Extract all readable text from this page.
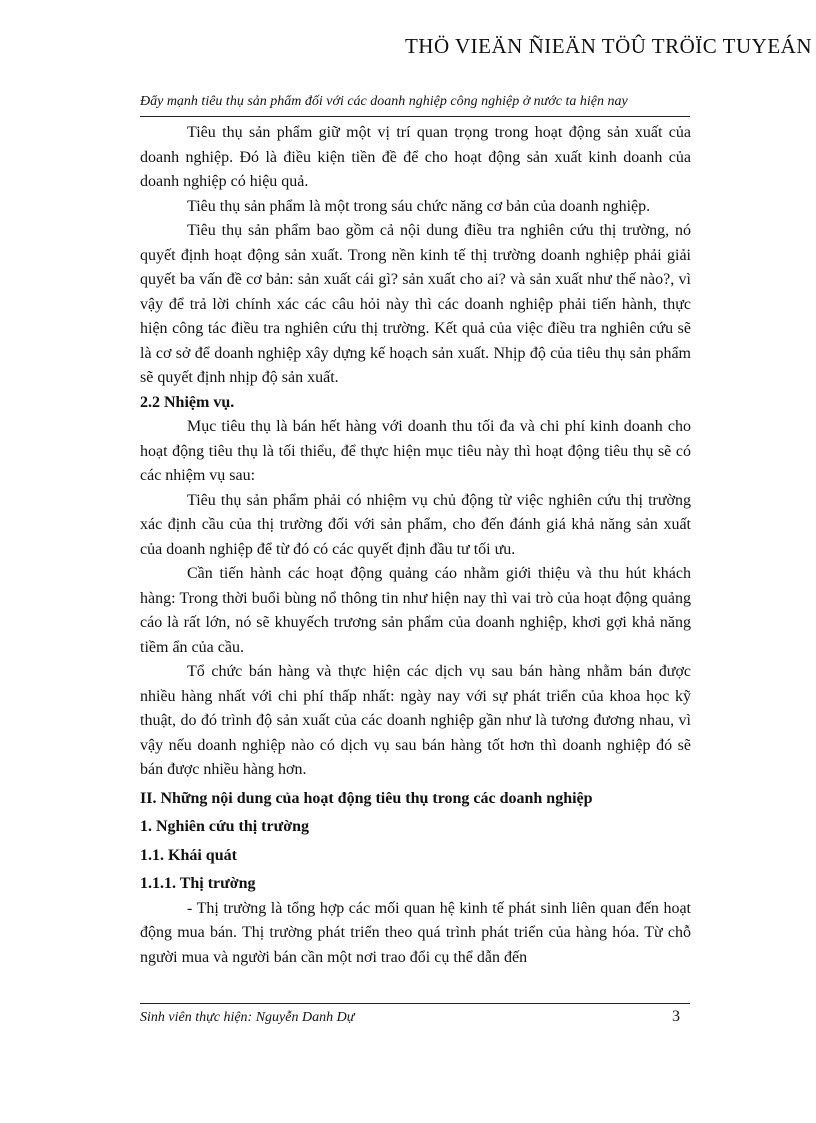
THÖ VIEÄN ÑIEÄN TÖÛ TRÖÏC TUYEÁN
Đẩy mạnh tiêu thụ sản phẩm đối với các doanh nghiệp công nghiệp ở nước ta hiện nay

Tiêu thụ sản phẩm giữ một vị trí quan trọng trong hoạt động sản xuất của doanh nghiệp. Đó là điều kiện tiền đề để cho hoạt động sản xuất kinh doanh của doanh nghiệp có hiệu quả.

Tiêu thụ sản phẩm là một trong sáu chức năng cơ bản của doanh nghiệp.

Tiêu thụ sản phẩm bao gồm cả nội dung điều tra nghiên cứu thị trường, nó quyết định hoạt động sản xuất. Trong nền kinh tế thị trường doanh nghiệp phải giải quyết ba vấn đề cơ bản: sản xuất cái gì? sản xuất cho ai? và sản xuất như thế nào?, vì vậy để trả lời chính xác các câu hỏi này thì các doanh nghiệp phải tiến hành, thực hiện công tác điều tra nghiên cứu thị trường. Kết quả của việc điều tra nghiên cứu sẽ là cơ sở để doanh nghiệp xây dựng kế hoạch sản xuất. Nhịp độ của tiêu thụ sản phẩm sẽ quyết định nhịp độ sản xuất.

2.2 Nhiệm vụ.

Mục tiêu thụ là bán hết hàng với doanh thu tối đa và chi phí kinh doanh cho hoạt động tiêu thụ là tối thiểu, để thực hiện mục tiêu này thì hoạt động tiêu thụ sẽ có các nhiệm vụ sau:

Tiêu thụ sản phẩm phải có nhiệm vụ chủ động từ việc nghiên cứu thị trường xác định cầu của thị trường đối với sản phẩm, cho đến đánh giá khả năng sản xuất của doanh nghiệp để từ đó có các quyết định đầu tư tối ưu.

Cần tiến hành các hoạt động quảng cáo nhằm giới thiệu và thu hút khách hàng: Trong thời buổi bùng nổ thông tin như hiện nay thì vai trò của hoạt động quảng cáo là rất lớn, nó sẽ khuyếch trương sản phẩm của doanh nghiệp, khơi gợi khả năng tiềm ẩn của cầu.

Tổ chức bán hàng và thực hiện các dịch vụ sau bán hàng nhằm bán được nhiều hàng nhất với chi phí thấp nhất: ngày nay với sự phát triển của khoa học kỹ thuật, do đó trình độ sản xuất của các doanh nghiệp gần như là tương đương nhau, vì vậy nếu doanh nghiệp nào có dịch vụ sau bán hàng tốt hơn thì doanh nghiệp đó sẽ bán được nhiều hàng hơn.

II. Những nội dung của hoạt động tiêu thụ trong các doanh nghiệp

1. Nghiên cứu thị trường

1.1. Khái quát

1.1.1. Thị trường

- Thị trường là tổng hợp các mối quan hệ kinh tế phát sinh liên quan đến hoạt động mua bán. Thị trường phát triển theo quá trình phát triển của hàng hóa. Từ chỗ người mua và người bán cần một nơi trao đổi cụ thể dẫn đến

Sinh viên thực hiện: Nguyễn Danh Dự	3
